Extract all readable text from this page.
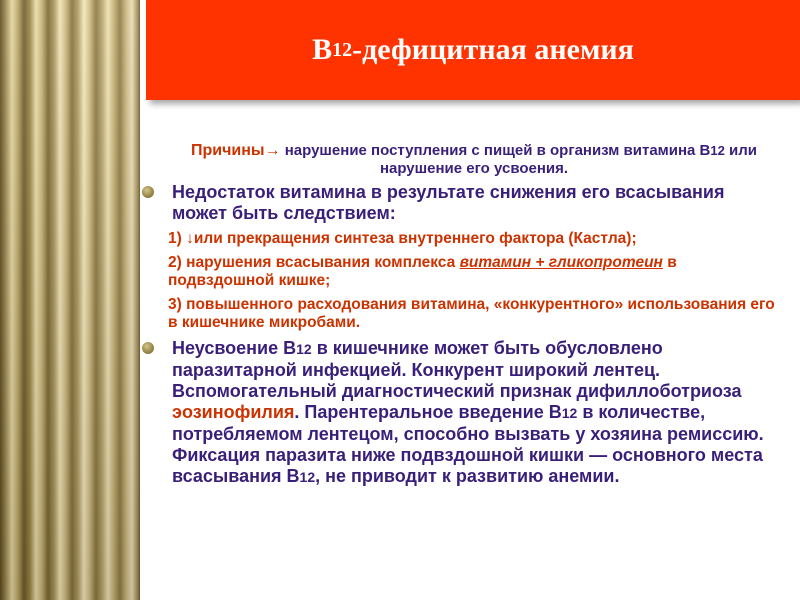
B 12 -дефицитная анемия
Причины→ нарушение поступления с пищей в организм витамина B12 или нарушение его усвоения.
Недостаток витамина в результате снижения его всасывания может быть следствием:
1) ↓или прекращения синтеза внутреннего фактора (Кастла);
2) нарушения всасывания комплекса витамин + гликопротеин в подвздошной кишке;
3) повышенного расходования витамина, «конкурентного» использования его в кишечнике микробами.
Неусвоение B12 в кишечнике может быть обусловлено паразитарной инфекцией. Конкурент широкий лентец. Вспомогательный диагностический признак дифиллоботриоза эозинофилия. Парентеральное введение B12 в количестве, потребляемом лентецом, способно вызвать у хозяина ремиссию. Фиксация паразита ниже подвздошной кишки — основного места всасывания B12, не приводит к развитию анемии.
